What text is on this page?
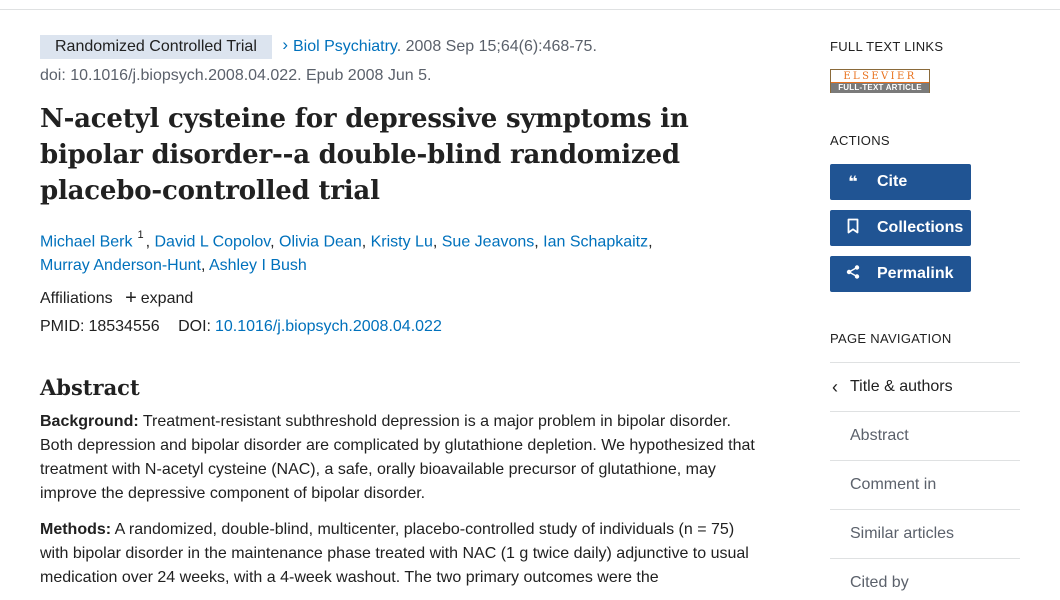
Randomized Controlled Trial › Biol Psychiatry. 2008 Sep 15;64(6):468-75.
doi: 10.1016/j.biopsych.2008.04.022. Epub 2008 Jun 5.
N-acetyl cysteine for depressive symptoms in bipolar disorder--a double-blind randomized placebo-controlled trial
Michael Berk $^1$ , David L Copolov, Olivia Dean, Kristy Lu, Sue Jeavons, Ian Schapkaitz,
Murray Anderson-Hunt, Ashley I Bush
Affiliations + expand
PMID: 18534556 DOI: 10.1016/j.biopsych.2008.04.022
Abstract

Background: Treatment-resistant subthreshold depression is a major problem in bipolar disorder. Both depression and bipolar disorder are complicated by glutathione depletion. We hypothesized that treatment with N-acetyl cysteine (NAC), a safe, orally bioavailable precursor of glutathione, may improve the depressive component of bipolar disorder.

Methods: A randomized, double-blind, multicenter, placebo-controlled study of individuals (n = 75) with bipolar disorder in the maintenance phase treated with NAC (1 g twice daily) adjunctive to usual medication over 24 weeks, with a 4-week washout. The two primary outcomes were the

FULL TEXT LINKS
ELSEVIER
FULL-TEXT ARTICLE
ACTIONS
❝	Cite
Collections
Permalink
PAGE NAVIGATION
‹ Title & authors
Abstract
Comment in
Similar articles
Cited by
